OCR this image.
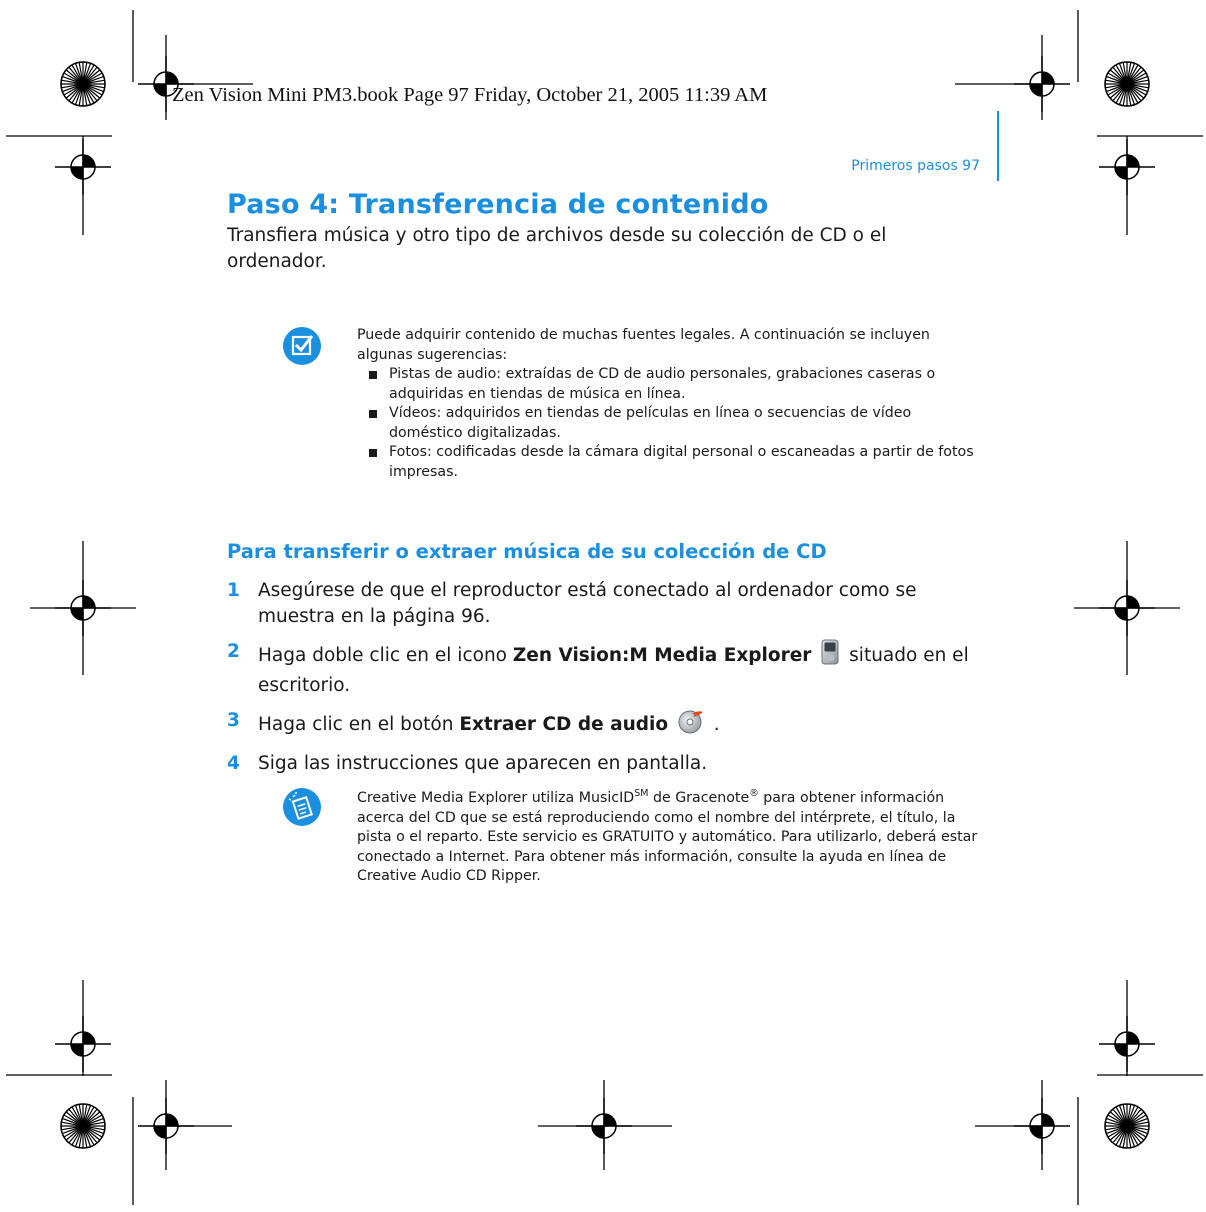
Zen Vision Mini PM3.book Page 97 Friday, October 21, 2005 11:39 AM
Primeros pasos 97
Paso 4: Transferencia de contenido

Transfiera música y otro tipo de archivos desde su colección de CD o el ordenador.

Puede adquirir contenido de muchas fuentes legales. A continuación se incluyen algunas sugerencias:

Pistas de audio: extraídas de CD de audio personales, grabaciones caseras o adquiridas en tiendas de música en línea.
Vídeos: adquiridos en tiendas de películas en línea o secuencias de vídeo doméstico digitalizadas.
Fotos: codificadas desde la cámara digital personal o escaneadas a partir de fotos impresas.
Para transferir o extraer música de su colección de CD
1 Asegúrese de que el reproductor está conectado al ordenador como se muestra en la página 96.
2 Haga doble clic en el icono Zen Vision:M Media Explorer  situado en el escritorio.
3 Haga clic en el botón Extraer CD de audio  .
4 Siga las instrucciones que aparecen en pantalla.

Creative Media Explorer utiliza MusicID℠ de Gracenote® para obtener información acerca del CD que se está reproduciendo como el nombre del intérprete, el título, la pista o el reparto. Este servicio es GRATUITO y automático. Para utilizarlo, deberá estar conectado a Internet. Para obtener más información, consulte la ayuda en línea de Creative Audio CD Ripper.
